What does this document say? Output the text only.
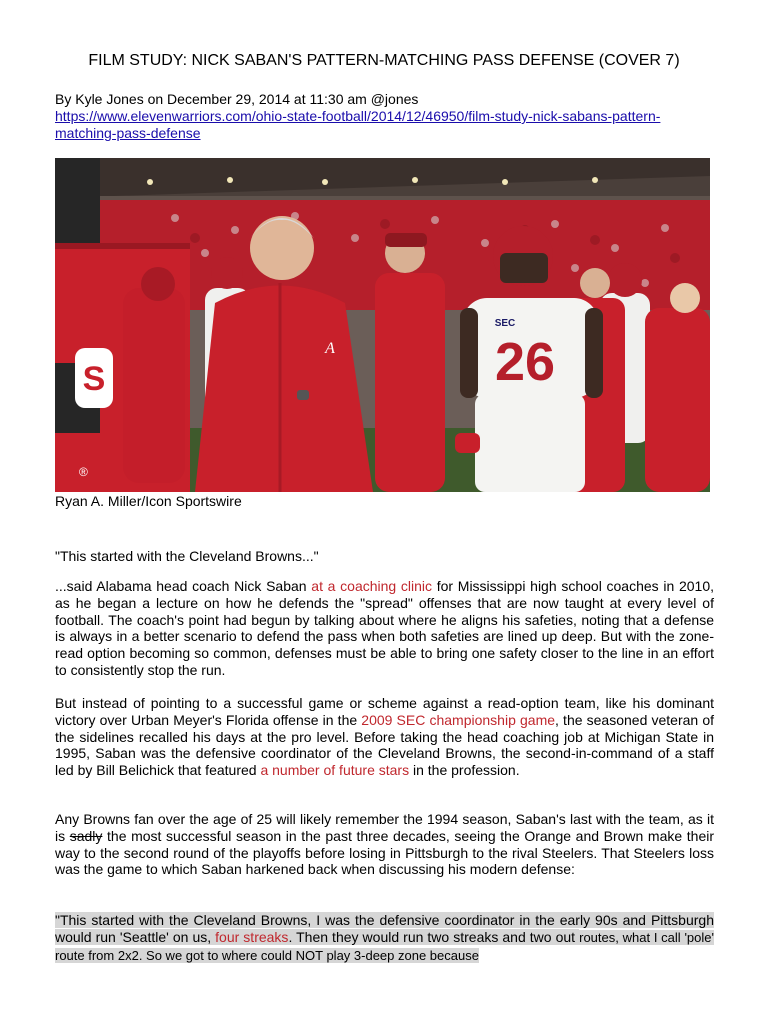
FILM STUDY: NICK SABAN'S PATTERN-MATCHING PASS DEFENSE (COVER 7)
By Kyle Jones on December 29, 2014 at 11:30 am @jones
https://www.elevenwarriors.com/ohio-state-football/2014/12/46950/film-study-nick-sabans-pattern-matching-pass-defense
S
®
A	26
SEC
Ryan A. Miller/Icon Sportswire
"This started with the Cleveland Browns..."
...said Alabama head coach Nick Saban at a coaching clinic for Mississippi high school coaches in 2010, as he began a lecture on how he defends the "spread" offenses that are now taught at every level of football. The coach's point had begun by talking about where he aligns his safeties, noting that a defense is always in a better scenario to defend the pass when both safeties are lined up deep. But with the zone-read option becoming so common, defenses must be able to bring one safety closer to the line in an effort to consistently stop the run.
But instead of pointing to a successful game or scheme against a read-option team, like his dominant victory over Urban Meyer's Florida offense in the 2009 SEC championship game, the seasoned veteran of the sidelines recalled his days at the pro level. Before taking the head coaching job at Michigan State in 1995, Saban was the defensive coordinator of the Cleveland Browns, the second-in-command of a staff led by Bill Belichick that featured a number of future stars in the profession.
Any Browns fan over the age of 25 will likely remember the 1994 season, Saban's last with the team, as it is sadly the most successful season in the past three decades, seeing the Orange and Brown make their way to the second round of the playoffs before losing in Pittsburgh to the rival Steelers. That Steelers loss was the game to which Saban harkened back when discussing his modern defense:
"This started with the Cleveland Browns, I was the defensive coordinator in the early 90s and Pittsburgh would run 'Seattle' on us, four streaks. Then they would run two streaks and two out routes, what I call 'pole' route from 2x2. So we got to where could NOT play 3-deep zone because
